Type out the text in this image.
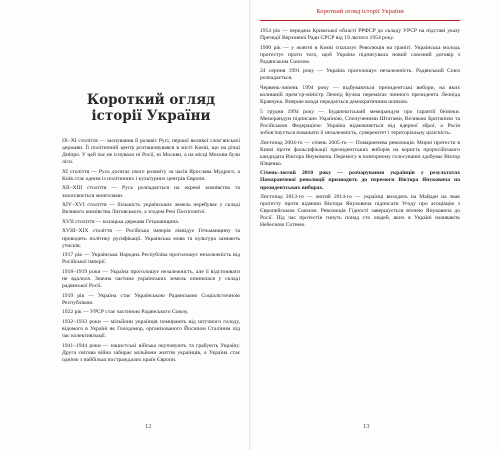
Короткий огляд
історії України

IX–XI століття — заснування й розквіт Русі, першої великої слов’янської держави. Її політичний центр розташовувався в місті Києві, що на річці Дніпро. У цей час не існувало ні Росії, ні Москви, а на місці Москви були ліси.

XI століття — Русь досягає свого розквіту за часів Ярослава Мудрого, а Київ стає одним із політичних і культурних центрів Європи.

XII–XIII століття — Русь розпадається на окремі князівства та захоплюється монголами.

XIV–XVI століття — більшість українських земель перебуває у складі Великого князівства Литовського, а згодом Речі Посполитої.

XVII століття — козацька держава Гетьманщина.

XVIII–XIX століття — Російська імперія ліквідує Гетьманщину та проводить політику русифікації. Українська мова та культура зазнають утисків.

1917 рік — Українська Народна Республіка проголошує незалежність від Російської імперії.

1918–1919 роки — Україна проголошує незалежність, але її відстоювати не вдалося. Значна частина українських земель опинилася у складі радянської Росії.

1919 рік — Україна стає Українською Радянською Соціалістичною Республікою.

1922 рік — УРСР стає частиною Радянського Союзу.

1932–1933 роки — мільйони українців помирають від штучного голоду, відомого в Україні як Голодомор, організованого Йосипом Сталіним під час колективізації.

1941–1944 роки — нацистські війська окуповують та грабують Україну. Друга світова війна забирає мільйони життів українців, а Україна стає однією з найбільш постраждалих країн Європи.

12
Короткий огляд історії України

1954 рік — передача Кримської області РРФСР до складу УРСР на підставі указу Президії Верховної Ради СРСР від 19 лютого 1954 року.

1990 рік — у жовтні в Києві спалахує Революція на граніті. Українська молодь протестує проти того, щоб Україна підписувала новий союзний договір з Радянським Союзом.

24 серпня 1991 року — Україна проголошує незалежність. Радянський Союз розпадається.

Червень-липень 1994 року — відбуваються президентські вибори, на яких колишній прем’єр-міністр Леонід Кучма перемагає чинного президента Леоніда Кравчука. Вперше влада передається демократичним шляхом.

5 грудня 1994 року — Будапештський меморандум про гарантії безпеки. Меморандум підписано Україною, Сполученими Штатами, Великою Британією та Російською Федерацією: Україна відмовляється від ядерної зброї, а Росія зобов’язується поважати її незалежність, суверенітет і територіальну цілісність.

Листопад 2004-го — січень 2005-го — Помаранчева революція. Мирні протести в Києві проти фальсифікації президентських виборів на користь проросійського кандидата Віктора Януковича. Перемогу в повторному голосуванні здобуває Віктор Ющенко.

Січень-лютий 2010 року — розчарування українців у результатах Помаранчевої революції призводить до перемоги Віктора Януковича на президентських виборах.

Листопад 2013-го — лютий 2014-го — українці виходять на Майдан на знак протесту проти відмови Віктора Януковича підписати Угоду про асоціацію з Європейським Союзом. Революція Гідності завершується втечею Януковича до Росії. Під час протестів гинуть понад сто людей, яких в Україні називають Небесною Сотнею.

13
